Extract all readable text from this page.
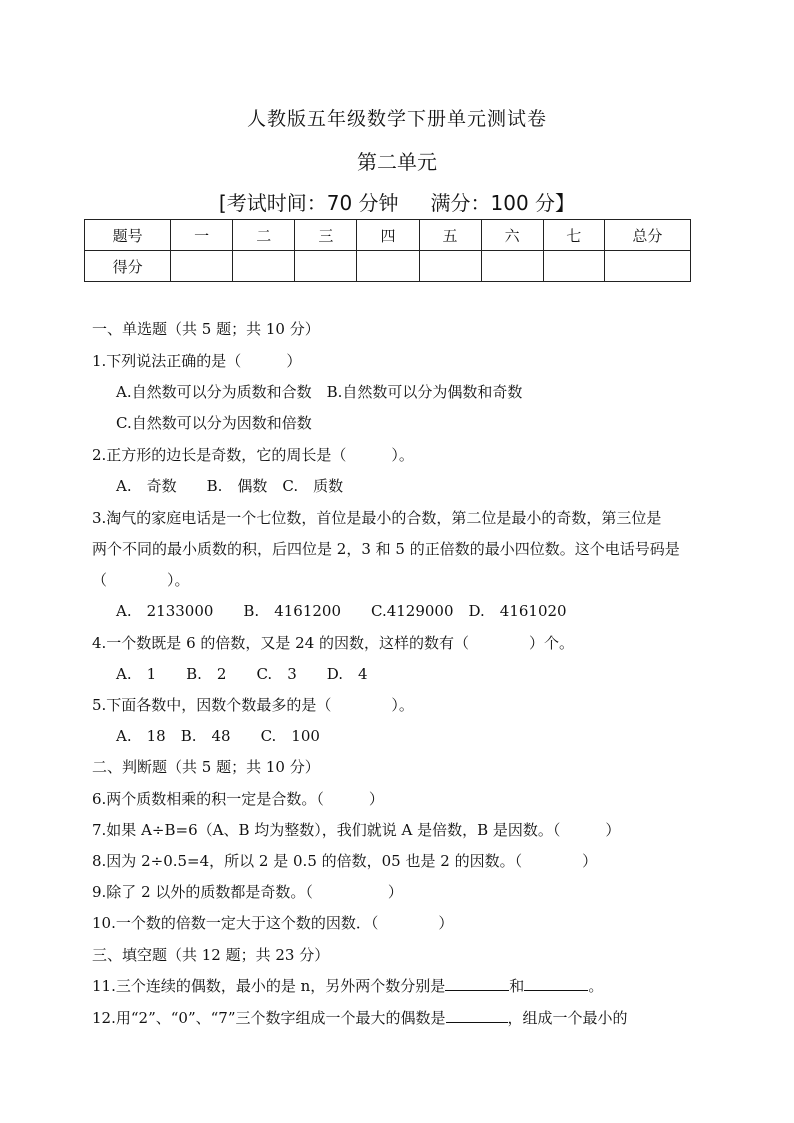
人教版五年级数学下册单元测试卷
第二单元
[考试时间：70 分钟 满分：100 分】
题号	一	二	三	四	五	六	七	总分
得分								
一、单选题（共 5 题；共 10 分）
1.下列说法正确的是（　　　）
A.自然数可以分为质数和合数　B.自然数可以分为偶数和奇数
C.自然数可以分为因数和倍数
2.正方形的边长是奇数，它的周长是（　　　）。
A.　奇数　　B.　偶数　C.　质数
3.淘气的家庭电话是一个七位数，首位是最小的合数，第二位是最小的奇数，第三位是
两个不同的最小质数的积，后四位是 2，3 和 5 的正倍数的最小四位数。这个电话号码是
（　　　　）。
A.　2133000　　B.　4161200　　C.4129000　D.　4161020
4.一个数既是 6 的倍数，又是 24 的因数，这样的数有（　　　　）个。
A.　1　　B.　2　　C.　3　　D.　4
5.下面各数中，因数个数最多的是（　　　　）。
A.　18　B.　48　　C.　100
二、判断题（共 5 题；共 10 分）
6.两个质数相乘的积一定是合数。（　　　）
7.如果 A÷B=6（A、B 均为整数），我们就说 A 是倍数，B 是因数。（　　　）
8.因为 2÷0.5=4，所以 2 是 0.5 的倍数，05 也是 2 的因数。（　　　　）
9.除了 2 以外的质数都是奇数。（　　　　　）
10.一个数的倍数一定大于这个数的因数．（　　　　）
三、填空题（共 12 题；共 23 分）
11.三个连续的偶数，最小的是 n，另外两个数分别是	和	。
12.用“2”、“0”、“7”三个数字组成一个最大的偶数是	，组成一个最小的
